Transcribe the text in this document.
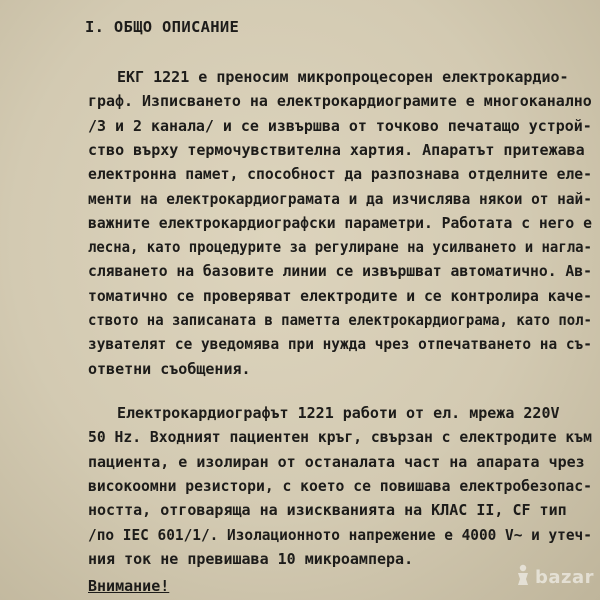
I. ОБЩО ОПИСАНИЕ
ЕКГ 1221 е преносим микропроцесорен електрокардио-
граф. Изписването на електрокардиограмите е многоканално
/3 и 2 канала/ и се извършва от точково печатащо устрой-
ство върху термочувствителна хартия. Апаратът притежава
електронна памет, способност да разпознава отделните еле-
менти на електрокардиограмата и да изчислява някои от най-
важните електрокардиографски параметри. Работата с него е
лесна, като процедурите за регулиране на усилването и нагла-
сляването на базовите линии се извършват автоматично. Ав-
томатично се проверяват електродите и се контролира каче-
ството на записаната в паметта електрокардиограма, като пол-
зувателят се уведомява при нужда чрез отпечатването на съ-
ответни съобщения.
Електрокардиографът 1221 работи от ел. мрежа 220V
50 Hz. Входният пациентен кръг, свързан с електродите към
пациента, е изолиран от останалата част на апарата чрез
високоомни резистори, с което се повишава електробезопас-
ността, отговаряща на изискванията на КЛАС II, CF тип
/по IEC 601/1/. Изолационното напрежение е 4000 V~ и утеч-
ния ток не превишава 10 микроампера.
Внимание!	bazar
